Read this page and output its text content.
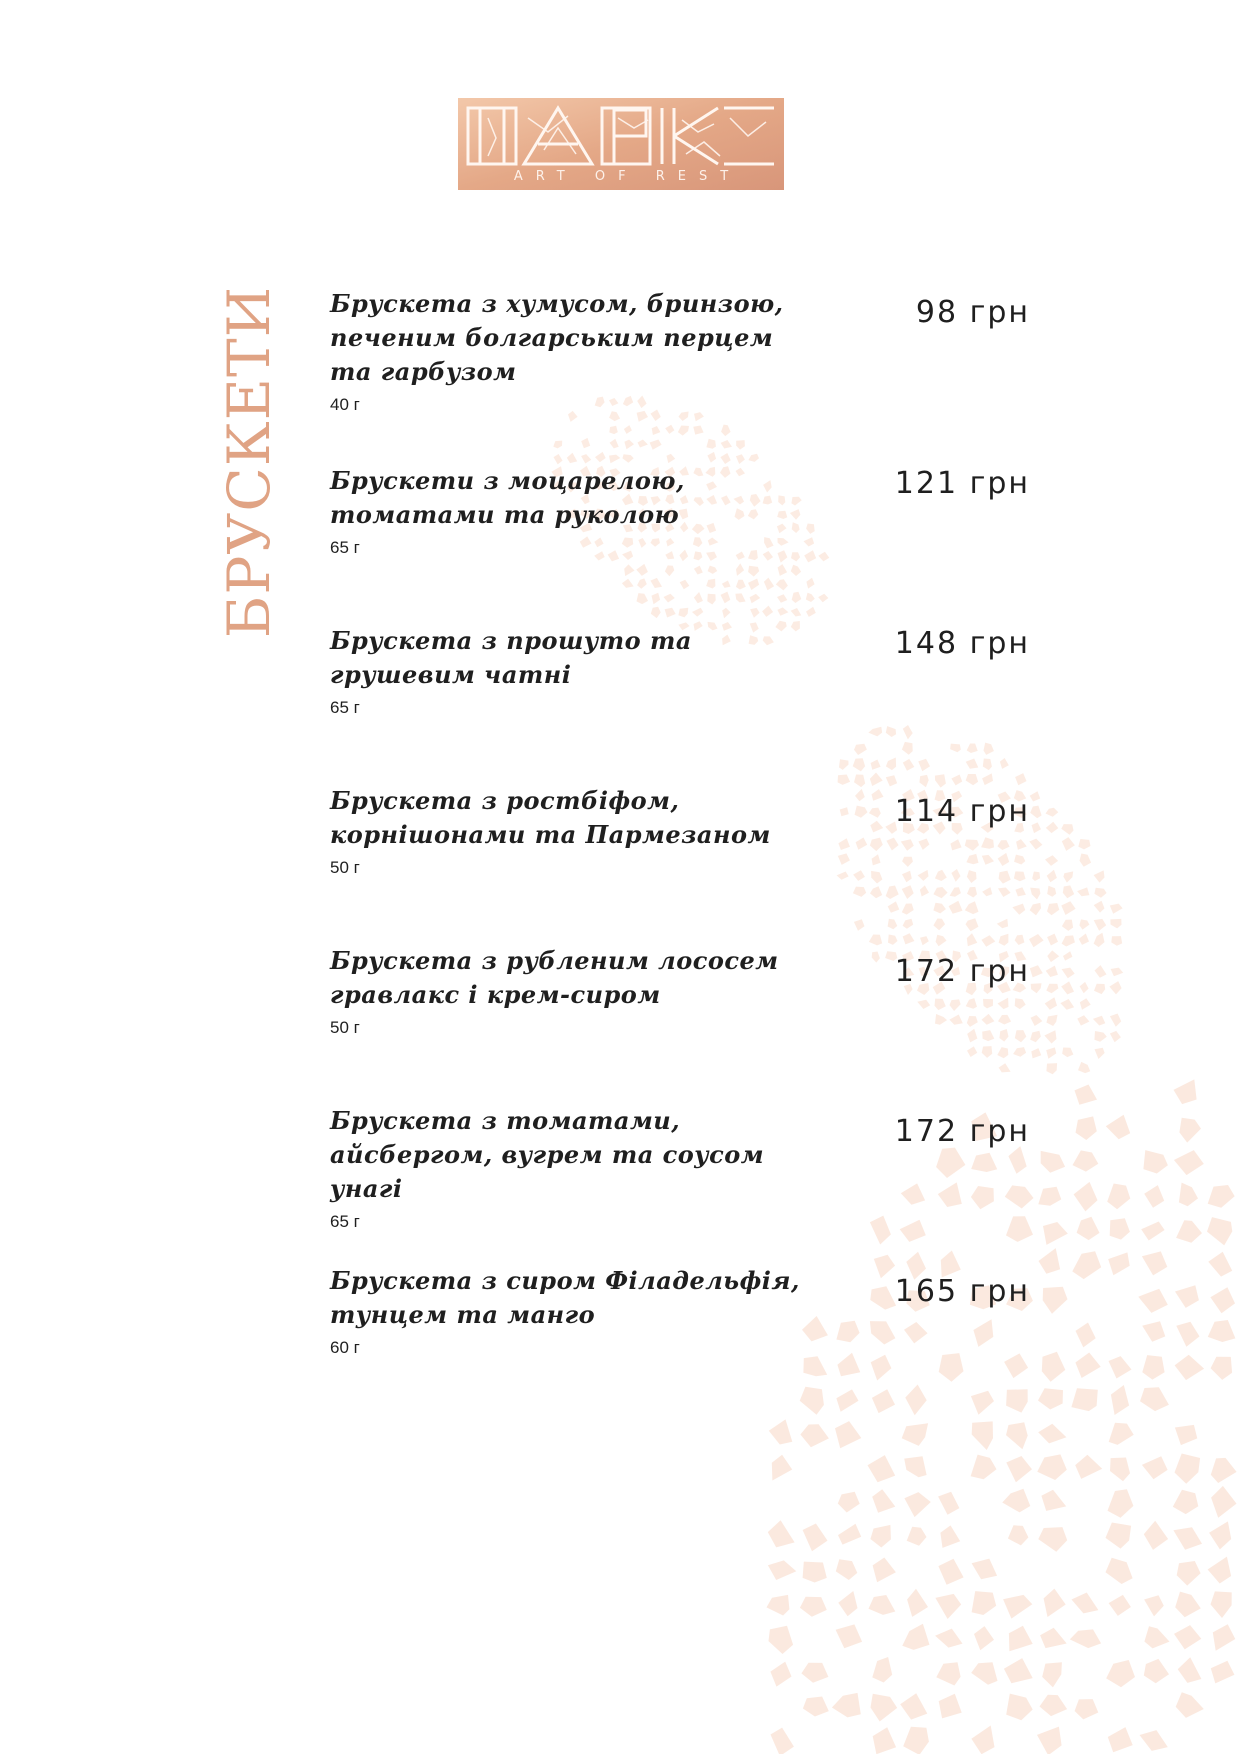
ART OF REST
БРУСКЕТИ Брускета з хумусом, бринзою, печеним болгарським перцем та гарбузом
40 г
98 грн
Брускети з моцарелою, томатами та руколою
65 г
121 грн
Брускета з прошуто та грушевим чатні
65 г
148 грн
Брускета з ростбіфом, корнішонами та Пармезаном
50 г
114 грн
Брускета з рубленим лососем гравлакс і крем-сиром
50 г
172 грн
Брускета з томатами, айсбергом, вугрем та соусом унагі
65 г
172 грн
Брускета з сиром Філадельфія, тунцем та манго
60 г
165 грн
